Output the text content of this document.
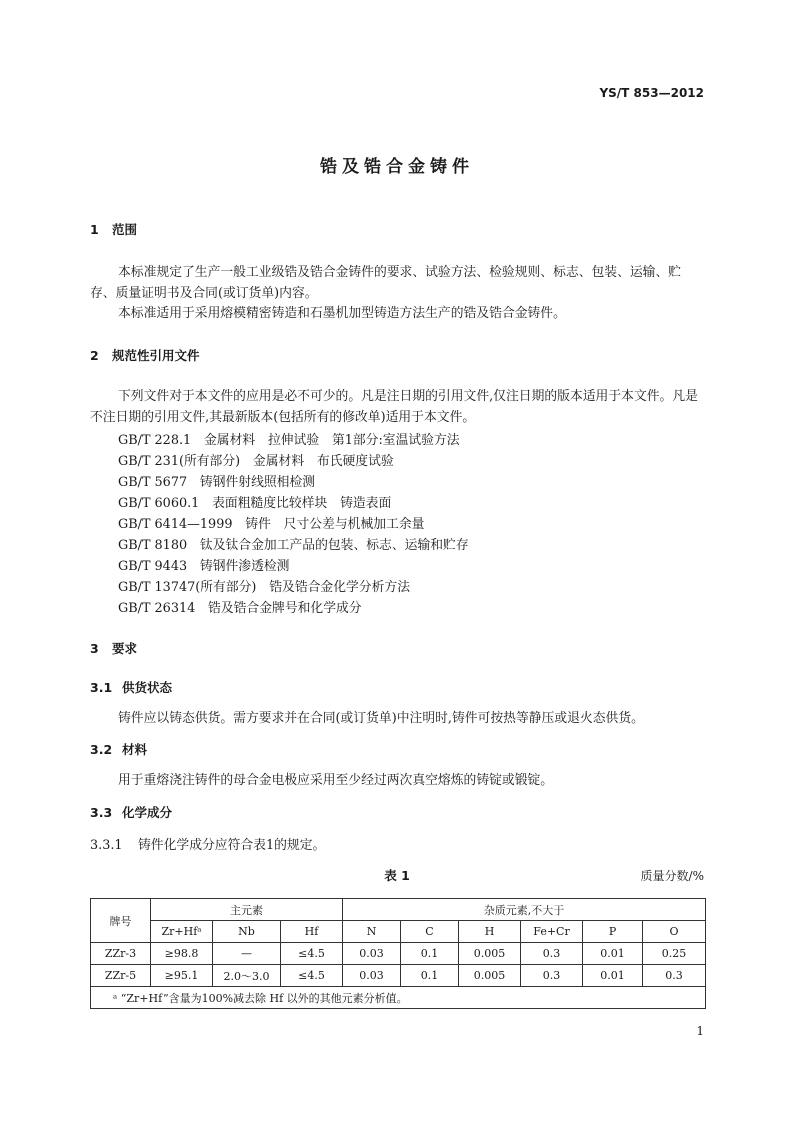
YS/T 853—2012
锆及锆合金铸件
1 范围
本标准规定了生产一般工业级锆及锆合金铸件的要求、试验方法、检验规则、标志、包装、运输、贮存、质量证明书及合同(或订货单)内容。
本标准适用于采用熔模精密铸造和石墨机加型铸造方法生产的锆及锆合金铸件。
2 规范性引用文件
下列文件对于本文件的应用是必不可少的。凡是注日期的引用文件,仅注日期的版本适用于本文件。凡是不注日期的引用文件,其最新版本(包括所有的修改单)适用于本文件。
GB/T 228.1　金属材料　拉伸试验　第1部分:室温试验方法
GB/T 231(所有部分)　金属材料　布氏硬度试验
GB/T 5677　铸钢件射线照相检测
GB/T 6060.1　表面粗糙度比较样块　铸造表面
GB/T 6414—1999　铸件　尺寸公差与机械加工余量
GB/T 8180　钛及钛合金加工产品的包装、标志、运输和贮存
GB/T 9443　铸钢件渗透检测
GB/T 13747(所有部分)　锆及锆合金化学分析方法
GB/T 26314　锆及锆合金牌号和化学成分
3 要求
3.1 供货状态
铸件应以铸态供货。需方要求并在合同(或订货单)中注明时,铸件可按热等静压或退火态供货。
3.2 材料
用于重熔浇注铸件的母合金电极应采用至少经过两次真空熔炼的铸锭或锻锭。
3.3 化学成分
3.3.1 铸件化学成分应符合表1的规定。
表 1	质量分数/%
牌号	主元素			杂质元素,不大于					
	Zr+Hfᵃ	Nb	Hf	N	C	H	Fe+Cr	P	O
ZZr-3	≥98.8	—	≤4.5	0.03	0.1	0.005	0.3	0.01	0.25
ZZr-5	≥95.1	2.0～3.0	≤4.5	0.03	0.1	0.005	0.3	0.01	0.3
ᵃ “Zr+Hf”含量为100%减去除 Hf 以外的其他元素分析值。									
1
